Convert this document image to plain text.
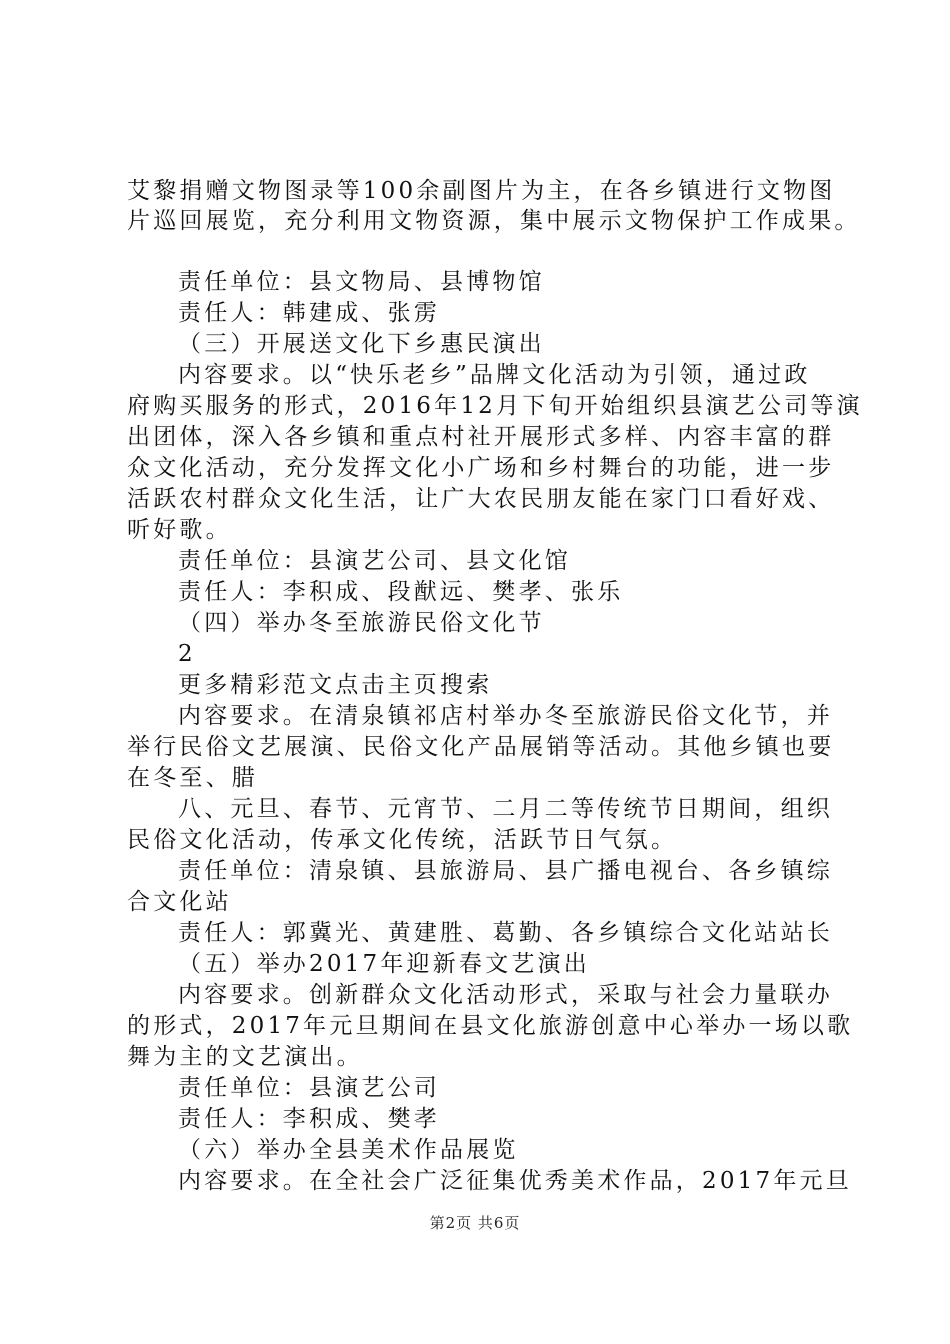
艾黎捐赠文物图录等100余副图片为主，在各乡镇进行文物图
片巡回展览，充分利用文物资源，集中展示文物保护工作成果。
责任单位：县文物局、县博物馆
责任人：韩建成、张雳
（三）开展送文化下乡惠民演出
内容要求。以“快乐老乡”品牌文化活动为引领，通过政
府购买服务的形式，2016年12月下旬开始组织县演艺公司等演
出团体，深入各乡镇和重点村社开展形式多样、内容丰富的群
众文化活动，充分发挥文化小广场和乡村舞台的功能，进一步
活跃农村群众文化生活，让广大农民朋友能在家门口看好戏、
听好歌。
责任单位：县演艺公司、县文化馆
责任人：李积成、段猷远、樊孝、张乐
（四）举办冬至旅游民俗文化节
2
更多精彩范文点击主页搜索
内容要求。在清泉镇祁店村举办冬至旅游民俗文化节，并
举行民俗文艺展演、民俗文化产品展销等活动。其他乡镇也要
在冬至、腊
八、元旦、春节、元宵节、二月二等传统节日期间，组织
民俗文化活动，传承文化传统，活跃节日气氛。
责任单位：清泉镇、县旅游局、县广播电视台、各乡镇综
合文化站
责任人：郭冀光、黄建胜、葛勤、各乡镇综合文化站站长
（五）举办2017年迎新春文艺演出
内容要求。创新群众文化活动形式，采取与社会力量联办
的形式，2017年元旦期间在县文化旅游创意中心举办一场以歌
舞为主的文艺演出。
责任单位：县演艺公司
责任人：李积成、樊孝
（六）举办全县美术作品展览
内容要求。在全社会广泛征集优秀美术作品，2017年元旦
第2页 共6页
